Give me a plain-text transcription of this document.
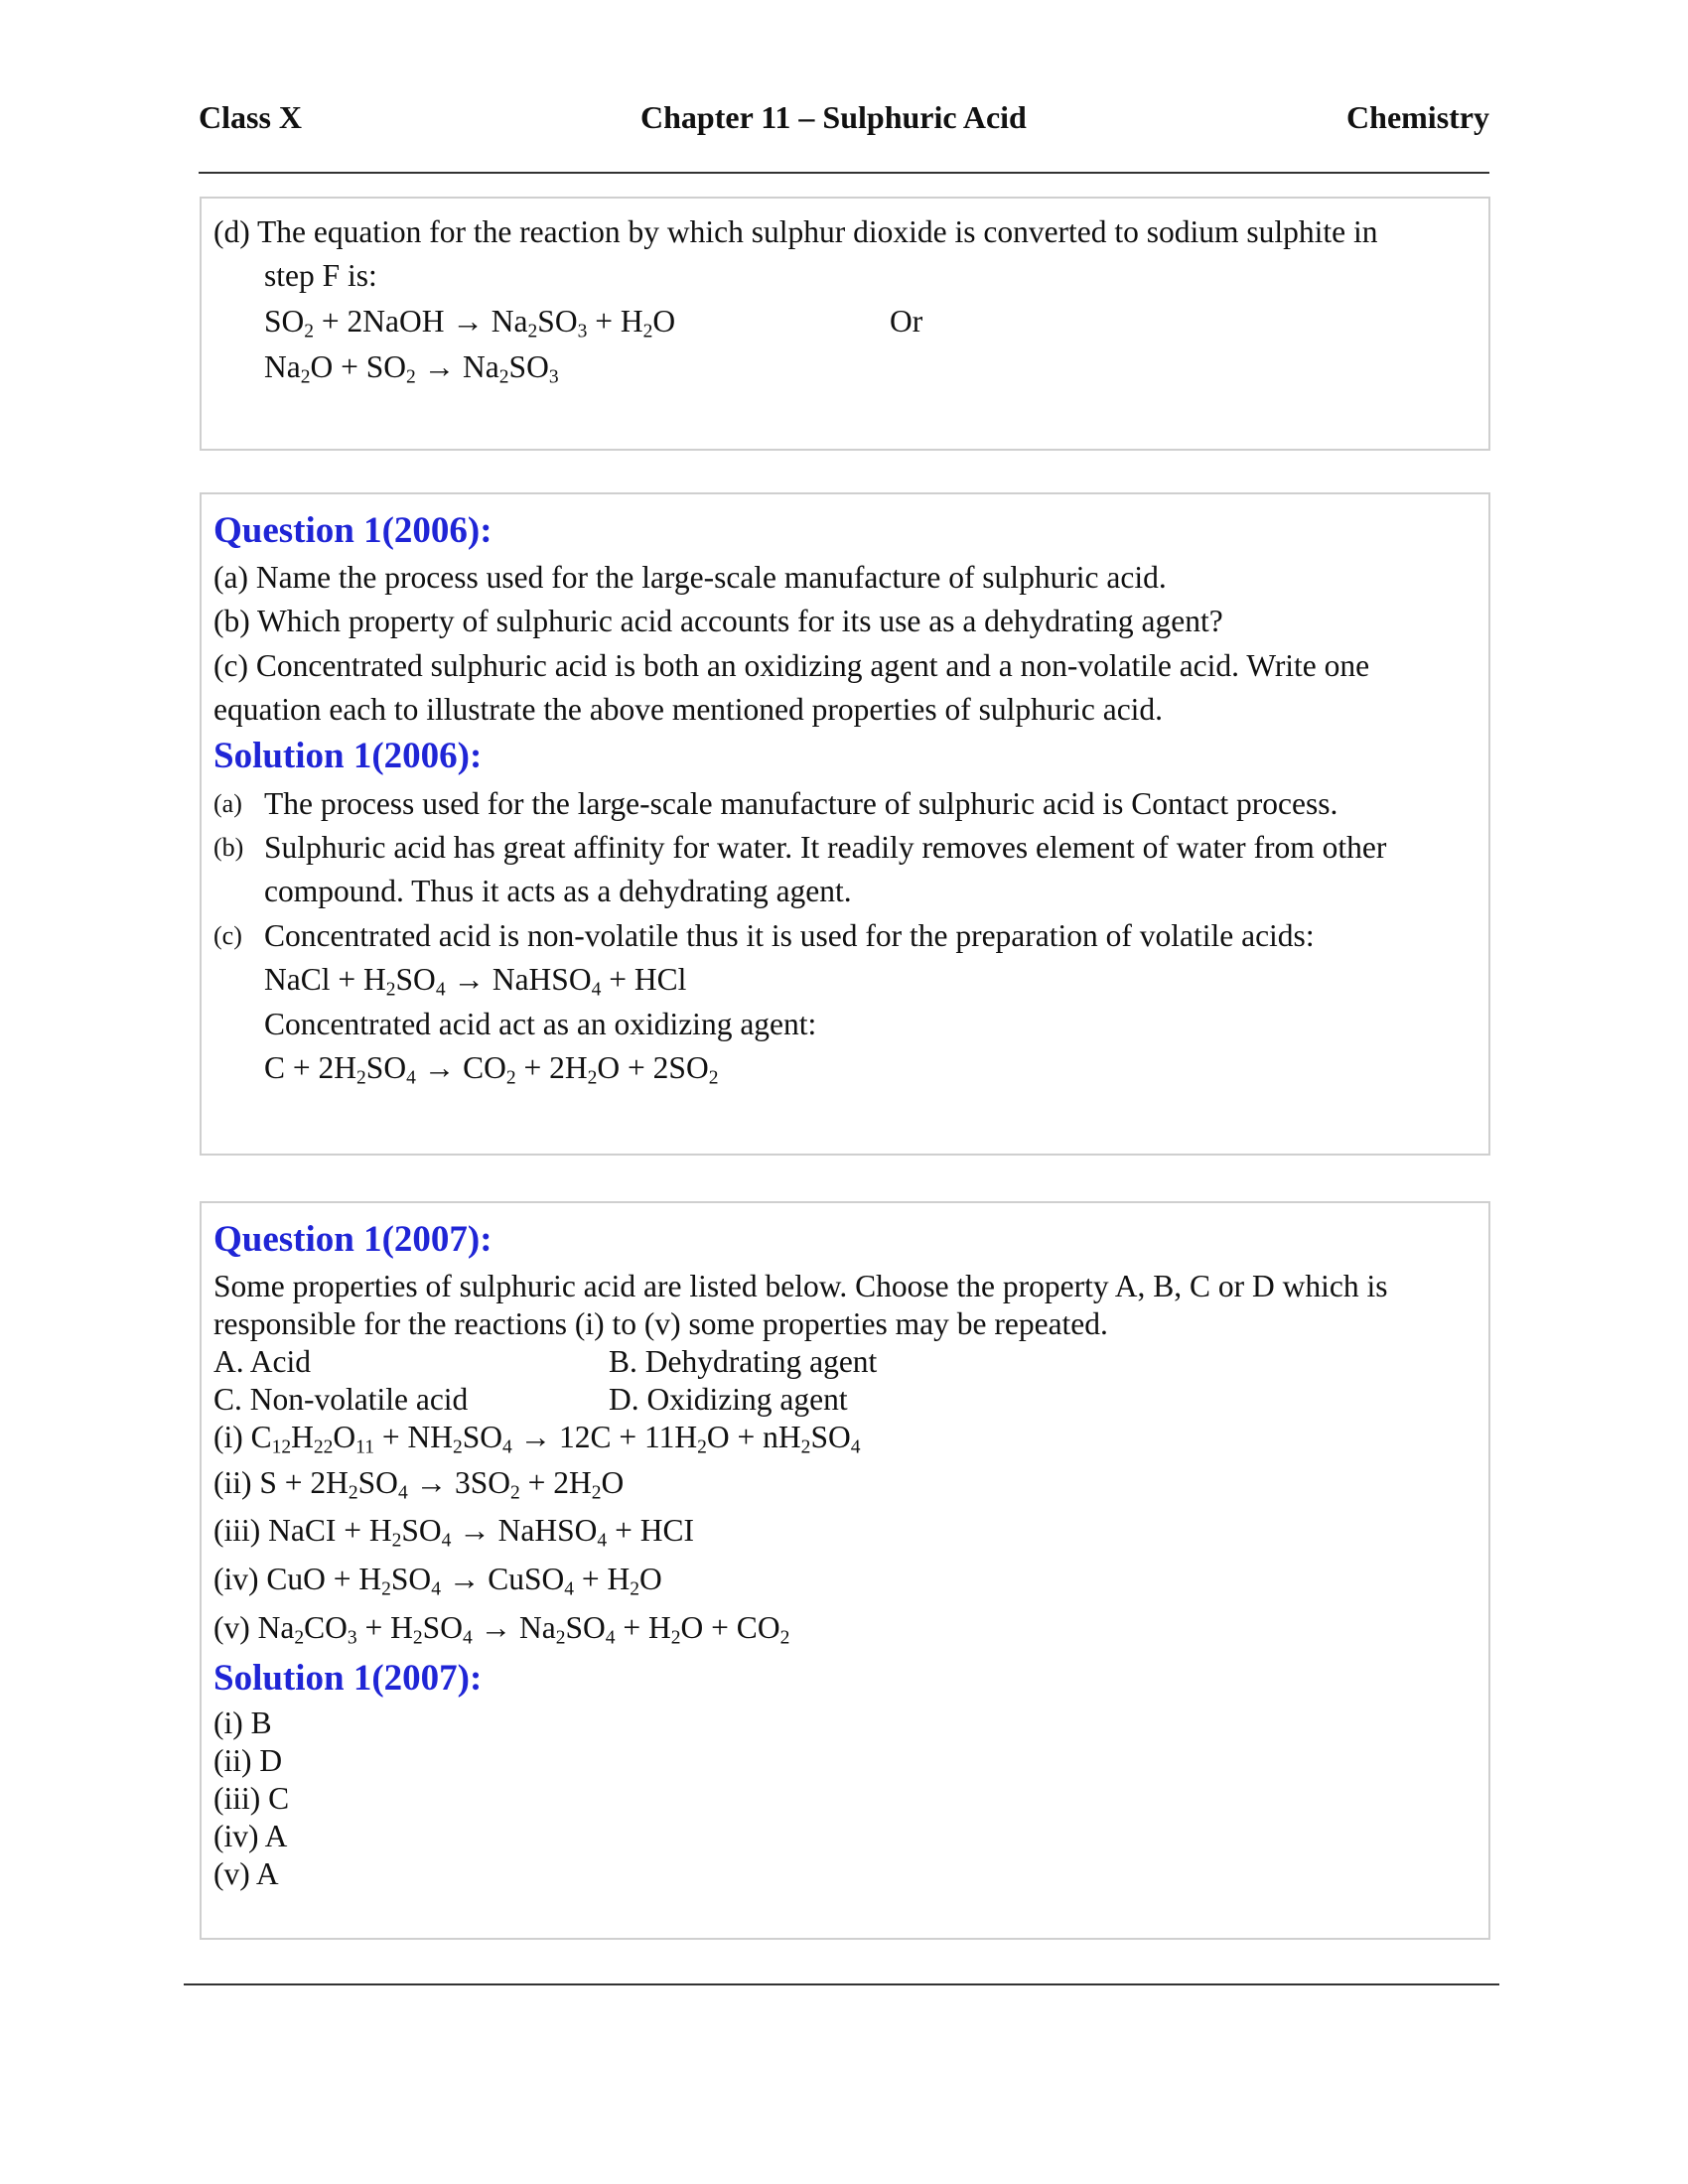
Class X	Chapter 11 – Sulphuric Acid	Chemistry
(d) The equation for the reaction by which sulphur dioxide is converted to sodium sulphite in
step F is:
$SO_2$ + 2NaOH → $Na_2SO_3 + H_2O$	Or
$Na_2O + SO_2 \to Na_2SO_3$
Question 1(2006):
(a) Name the process used for the large-scale manufacture of sulphuric acid.
(b) Which property of sulphuric acid accounts for its use as a dehydrating agent?
(c) Concentrated sulphuric acid is both an oxidizing agent and a non-volatile acid. Write one
equation each to illustrate the above mentioned properties of sulphuric acid.
Solution 1(2006):
(a) The process used for the large-scale manufacture of sulphuric acid is Contact process.
(b) Sulphuric acid has great affinity for water. It readily removes element of water from other
compound. Thus it acts as a dehydrating agent.
(c) Concentrated acid is non-volatile thus it is used for the preparation of volatile acids:
NaCl + $H_2SO_4$ → NaHSO$_4$ + HCl
Concentrated acid act as an oxidizing agent:
$C + 2H_2SO_4 \to CO_2 + 2H_2O + 2SO_2$
Question 1(2007):
Some properties of sulphuric acid are listed below. Choose the property A, B, C or D which is
responsible for the reactions (i) to (v) some properties may be repeated.
A. Acid	B. Dehydrating agent
C. Non-volatile acid	D. Oxidizing agent
(i) $C_{12}H_{22}O_{11} + NH_2SO_4 \to 12C + 11H_2O + nH_2SO_4$
(ii) $S + 2H_2SO_4 \to 3SO_2 + 2H_2O$
(iii) NaCI + $H_2SO_4$ → NaHSO$_4$ + HCI
(iv) CuO + $H_2SO_4$ → CuSO$_4$ + $H_2O$
(v) $Na_2CO_3 + H_2SO_4 \to Na_2SO_4 + H_2O + CO_2$
Solution 1(2007):
(i) B
(ii) D
(iii) C
(iv) A
(v) A
